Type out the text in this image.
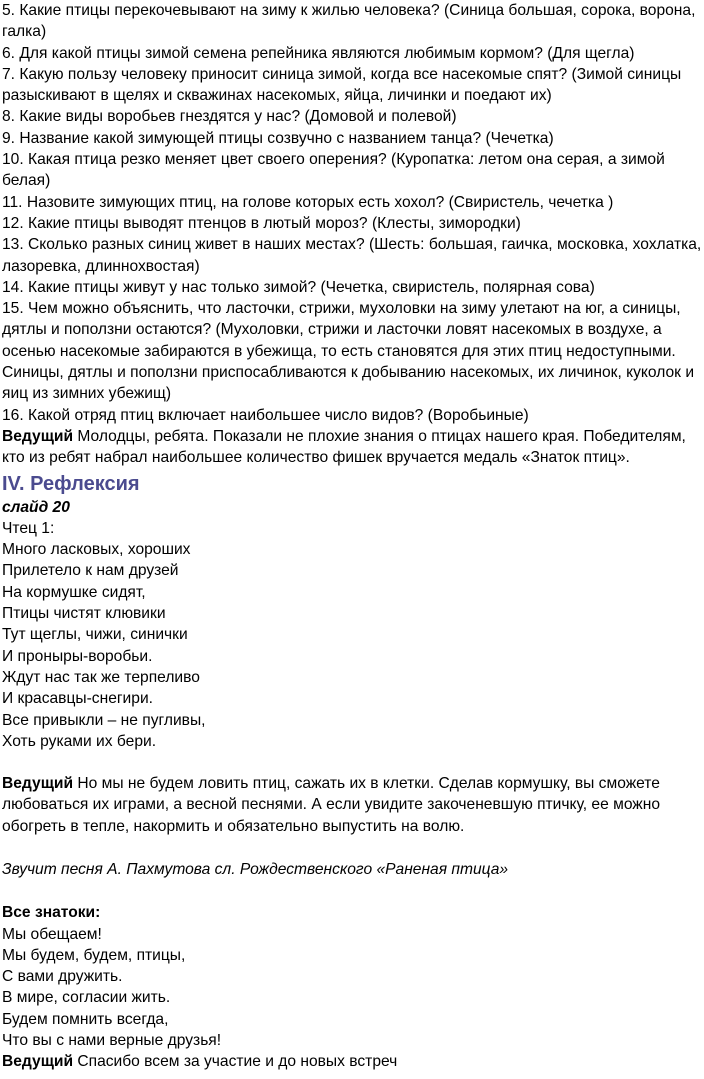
5. Какие птицы перекочевывают на зиму к жилью человека? (Синица большая, сорока, ворона, галка)

6. Для какой птицы зимой семена репейника являются любимым кормом? (Для щегла)

7. Какую пользу человеку приносит синица зимой, когда все насекомые спят? (Зимой синицы разыскивают в щелях и скважинах насекомых, яйца, личинки и поедают их)

8. Какие виды воробьев гнездятся у нас? (Домовой и полевой)

9. Название какой зимующей птицы созвучно с названием танца? (Чечетка)

10. Какая птица резко меняет цвет своего оперения? (Куропатка: летом она серая, а зимой белая)

11. Назовите зимующих птиц, на голове которых есть хохол? (Свиристель, чечетка )

12. Какие птицы выводят птенцов в лютый мороз? (Клесты, зимородки)

13. Сколько разных синиц живет в наших местах? (Шесть: большая, гаичка, московка, хохлатка, лазоревка, длиннохвостая)

14. Какие птицы живут у нас только зимой? (Чечетка, свиристель, полярная сова)

15. Чем можно объяснить, что ласточки, стрижи, мухоловки на зиму улетают на юг, а синицы, дятлы и поползни остаются? (Мухоловки, стрижи и ласточки ловят насекомых в воздухе, а осенью насекомые забираются в убежища, то есть становятся для этих птиц недоступными. Синицы, дятлы и поползни приспосабливаются к добыванию насекомых, их личинок, куколок и яиц из зимних убежищ)

16. Какой отряд птиц включает наибольшее число видов? (Воробьиные)

Ведущий Молодцы, ребята. Показали не плохие знания о птицах нашего края. Победителям, кто из ребят набрал наибольшее количество фишек вручается медаль «Знаток птиц».

IV. Рефлексия

слайд 20

Чтец 1:

Много ласковых, хороших

Прилетело к нам друзей

На кормушке сидят,

Птицы чистят клювики

Тут щеглы, чижи, синички

И проныры-воробьи.

Ждут нас так же терпеливо

И красавцы-снегири.

Все привыкли – не пугливы,

Хоть руками их бери.

Ведущий Но мы не будем ловить птиц, сажать их в клетки. Сделав кормушку, вы сможете любоваться их играми, а весной песнями. А если увидите закоченевшую птичку, ее можно обогреть в тепле, накормить и обязательно выпустить на волю.

Звучит песня А. Пахмутова сл. Рождественского «Раненая птица»

Все знатоки:

Мы обещаем!

Мы будем, будем, птицы,

С вами дружить.

В мире, согласии жить.

Будем помнить всегда,

Что вы с нами верные друзья!

Ведущий Спасибо всем за участие и до новых встреч
